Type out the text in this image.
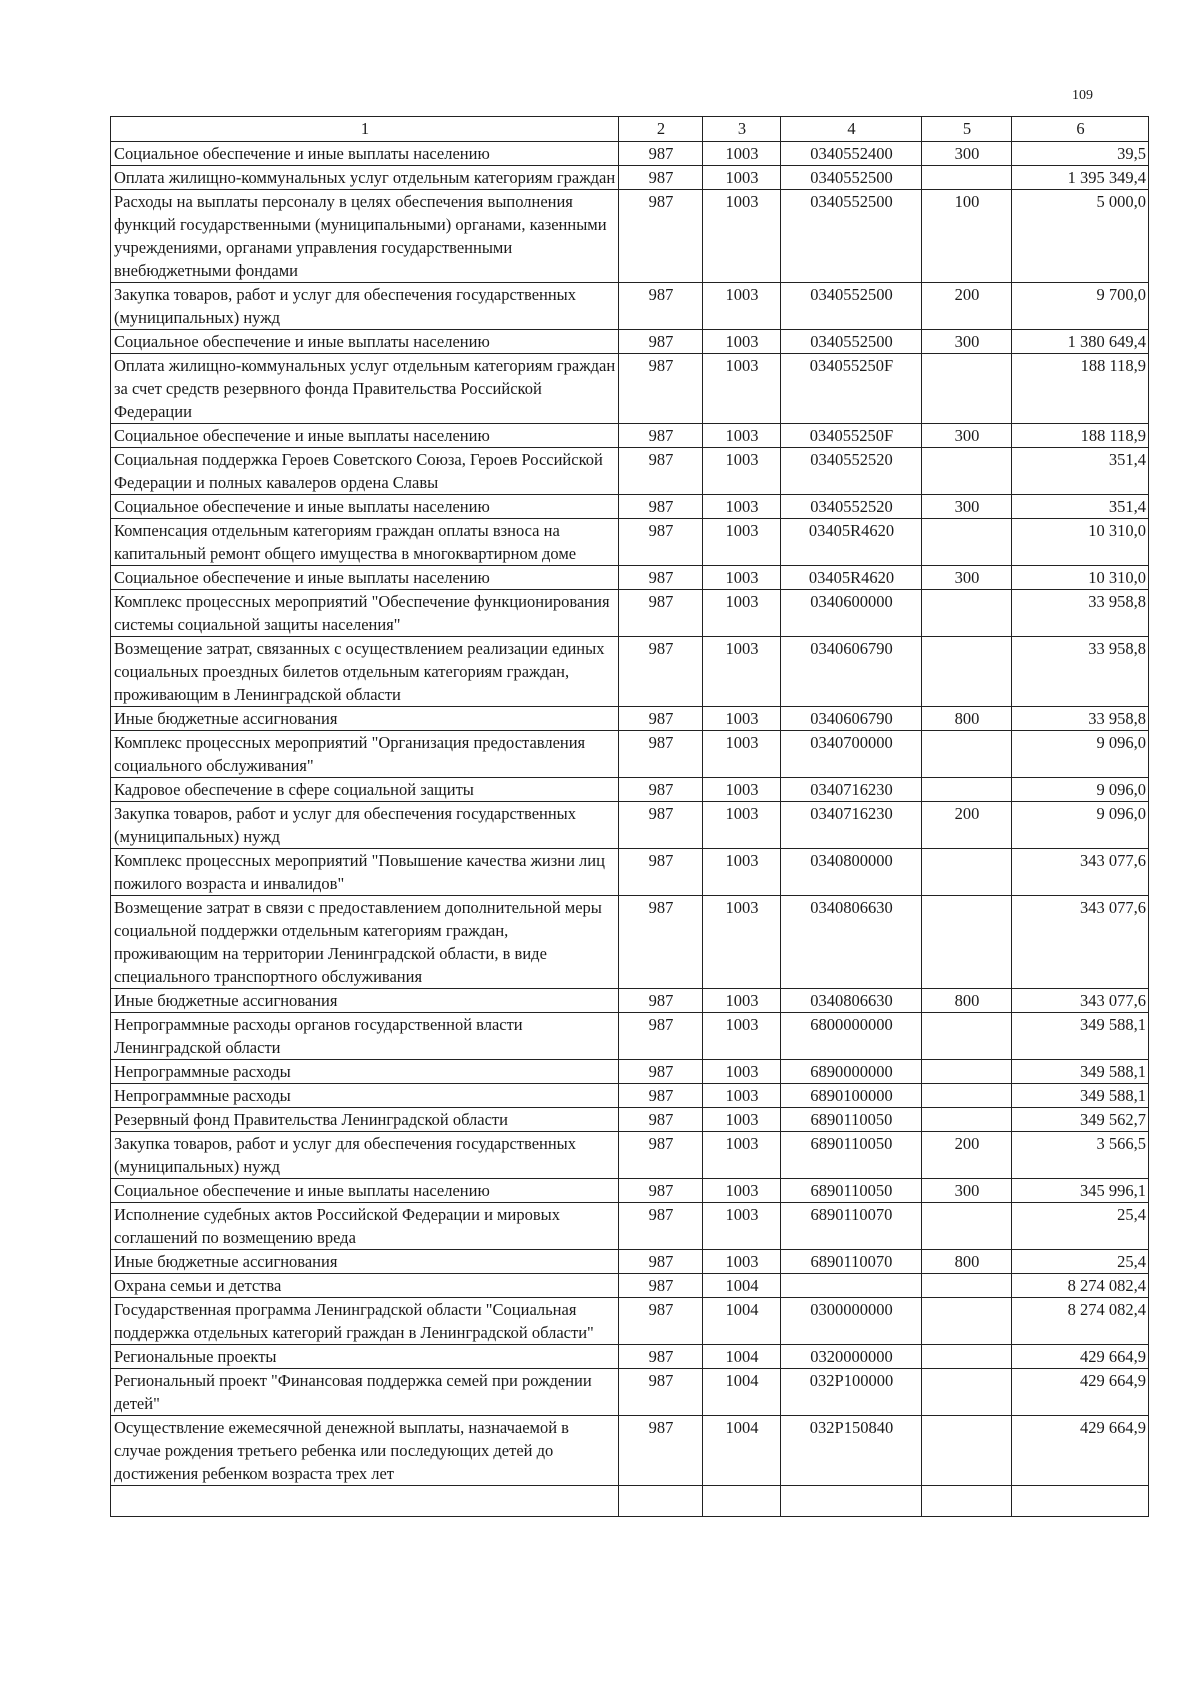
109
1	2	3	4	5	6
Социальное обеспечение и иные выплаты населению	987	1003	0340552400	300	39,5
Оплата жилищно-коммунальных услуг отдельным категориям граждан	987	1003	0340552500		1 395 349,4
Расходы на выплаты персоналу в целях обеспечения выполнения функций государственными (муниципальными) органами, казенными учреждениями, органами управления государственными внебюджетными фондами	987	1003	0340552500	100	5 000,0
Закупка товаров, работ и услуг для обеспечения государственных (муниципальных) нужд	987	1003	0340552500	200	9 700,0
Социальное обеспечение и иные выплаты населению	987	1003	0340552500	300	1 380 649,4
Оплата жилищно-коммунальных услуг отдельным категориям граждан за счет средств резервного фонда Правительства Российской Федерации	987	1003	034055250F		188 118,9
Социальное обеспечение и иные выплаты населению	987	1003	034055250F	300	188 118,9
Социальная поддержка Героев Советского Союза, Героев Российской Федерации и полных кавалеров ордена Славы	987	1003	0340552520		351,4
Социальное обеспечение и иные выплаты населению	987	1003	0340552520	300	351,4
Компенсация отдельным категориям граждан оплаты взноса на капитальный ремонт общего имущества в многоквартирном доме	987	1003	03405R4620		10 310,0
Социальное обеспечение и иные выплаты населению	987	1003	03405R4620	300	10 310,0
Комплекс процессных мероприятий "Обеспечение функционирования системы социальной защиты населения"	987	1003	0340600000		33 958,8
Возмещение затрат, связанных с осуществлением реализации единых социальных проездных билетов отдельным категориям граждан, проживающим в Ленинградской области	987	1003	0340606790		33 958,8
Иные бюджетные ассигнования	987	1003	0340606790	800	33 958,8
Комплекс процессных мероприятий "Организация предоставления социального обслуживания"	987	1003	0340700000		9 096,0
Кадровое обеспечение в сфере социальной защиты	987	1003	0340716230		9 096,0
Закупка товаров, работ и услуг для обеспечения государственных (муниципальных) нужд	987	1003	0340716230	200	9 096,0
Комплекс процессных мероприятий "Повышение качества жизни лиц пожилого возраста и инвалидов"	987	1003	0340800000		343 077,6
Возмещение затрат в связи с предоставлением дополнительной меры социальной поддержки отдельным категориям граждан, проживающим на территории Ленинградской области, в виде специального транспортного обслуживания	987	1003	0340806630		343 077,6
Иные бюджетные ассигнования	987	1003	0340806630	800	343 077,6
Непрограммные расходы органов государственной власти Ленинградской области	987	1003	6800000000		349 588,1
Непрограммные расходы	987	1003	6890000000		349 588,1
Непрограммные расходы	987	1003	6890100000		349 588,1
Резервный фонд Правительства Ленинградской области	987	1003	6890110050		349 562,7
Закупка товаров, работ и услуг для обеспечения государственных (муниципальных) нужд	987	1003	6890110050	200	3 566,5
Социальное обеспечение и иные выплаты населению	987	1003	6890110050	300	345 996,1
Исполнение судебных актов Российской Федерации и мировых соглашений по возмещению вреда	987	1003	6890110070		25,4
Иные бюджетные ассигнования	987	1003	6890110070	800	25,4
Охрана семьи и детства	987	1004			8 274 082,4
Государственная программа Ленинградской области "Социальная поддержка отдельных категорий граждан в Ленинградской области"	987	1004	0300000000		8 274 082,4
Региональные проекты	987	1004	0320000000		429 664,9
Региональный проект "Финансовая поддержка семей при рождении детей"	987	1004	032P100000		429 664,9
Осуществление ежемесячной денежной выплаты, назначаемой в случае рождения третьего ребенка или последующих детей до достижения ребенком возраста трех лет	987	1004	032P150840		429 664,9
